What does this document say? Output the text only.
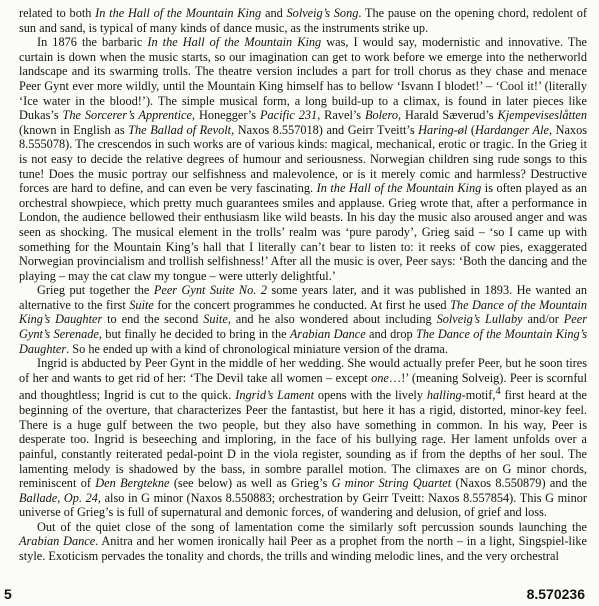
related to both In the Hall of the Mountain King and Solveig’s Song. The pause on the opening chord, redolent of sun and sand, is typical of many kinds of dance music, as the instruments strike up.

In 1876 the barbaric In the Hall of the Mountain King was, I would say, modernistic and innovative. The curtain is down when the music starts, so our imagination can get to work before we emerge into the netherworld landscape and its swarming trolls. The theatre version includes a part for troll chorus as they chase and menace Peer Gynt ever more wildly, until the Mountain King himself has to bellow ‘Isvann I blodet!’ – ‘Cool it!’ (literally ‘Ice water in the blood!’). The simple musical form, a long build-up to a climax, is found in later pieces like Dukas’s The Sorcerer’s Apprentice, Honegger’s Pacific 231, Ravel’s Bolero, Harald Sæverud’s Kjempeviseslåtten (known in English as The Ballad of Revolt, Naxos 8.557018) and Geirr Tveitt’s Haring-øl (Hardanger Ale, Naxos 8.555078). The crescendos in such works are of various kinds: magical, mechanical, erotic or tragic. In the Grieg it is not easy to decide the relative degrees of humour and seriousness. Norwegian children sing rude songs to this tune! Does the music portray our selfishness and malevolence, or is it merely comic and harmless? Destructive forces are hard to define, and can even be very fascinating. In the Hall of the Mountain King is often played as an orchestral showpiece, which pretty much guarantees smiles and applause. Grieg wrote that, after a performance in London, the audience bellowed their enthusiasm like wild beasts. In his day the music also aroused anger and was seen as shocking. The musical element in the trolls’ realm was ‘pure parody’, Grieg said – ‘so I came up with something for the Mountain King’s hall that I literally can’t bear to listen to: it reeks of cow pies, exaggerated Norwegian provincialism and trollish selfishness!’ After all the music is over, Peer says: ‘Both the dancing and the playing – may the cat claw my tongue – were utterly delightful.’

Grieg put together the Peer Gynt Suite No. 2 some years later, and it was published in 1893. He wanted an alternative to the first Suite for the concert programmes he conducted. At first he used The Dance of the Mountain King’s Daughter to end the second Suite, and he also wondered about including Solveig’s Lullaby and/or Peer Gynt’s Serenade, but finally he decided to bring in the Arabian Dance and drop The Dance of the Mountain King’s Daughter. So he ended up with a kind of chronological miniature version of the drama.

Ingrid is abducted by Peer Gynt in the middle of her wedding. She would actually prefer Peer, but he soon tires of her and wants to get rid of her: ‘The Devil take all women – except one…!’ (meaning Solveig). Peer is scornful and thoughtless; Ingrid is cut to the quick. Ingrid’s Lament opens with the lively halling-motif,$^4$ first heard at the beginning of the overture, that characterizes Peer the fantastist, but here it has a rigid, distorted, minor-key feel. There is a huge gulf between the two people, but they also have something in common. In his way, Peer is desperate too. Ingrid is beseeching and imploring, in the face of his bullying rage. Her lament unfolds over a painful, constantly reiterated pedal-point D in the viola register, sounding as if from the depths of her soul. The lamenting melody is shadowed by the bass, in sombre parallel motion. The climaxes are on G minor chords, reminiscent of Den Bergtekne (see below) as well as Grieg’s G minor String Quartet (Naxos 8.550879) and the Ballade, Op. 24, also in G minor (Naxos 8.550883; orchestration by Geirr Tveitt: Naxos 8.557854). This G minor universe of Grieg’s is full of supernatural and demonic forces, of wandering and delusion, of grief and loss.

Out of the quiet close of the song of lamentation come the similarly soft percussion sounds launching the Arabian Dance. Anitra and her women ironically hail Peer as a prophet from the north – in a light, Singspiel-like style. Exoticism pervades the tonality and chords, the trills and winding melodic lines, and the very orchestral

5	8.570236
